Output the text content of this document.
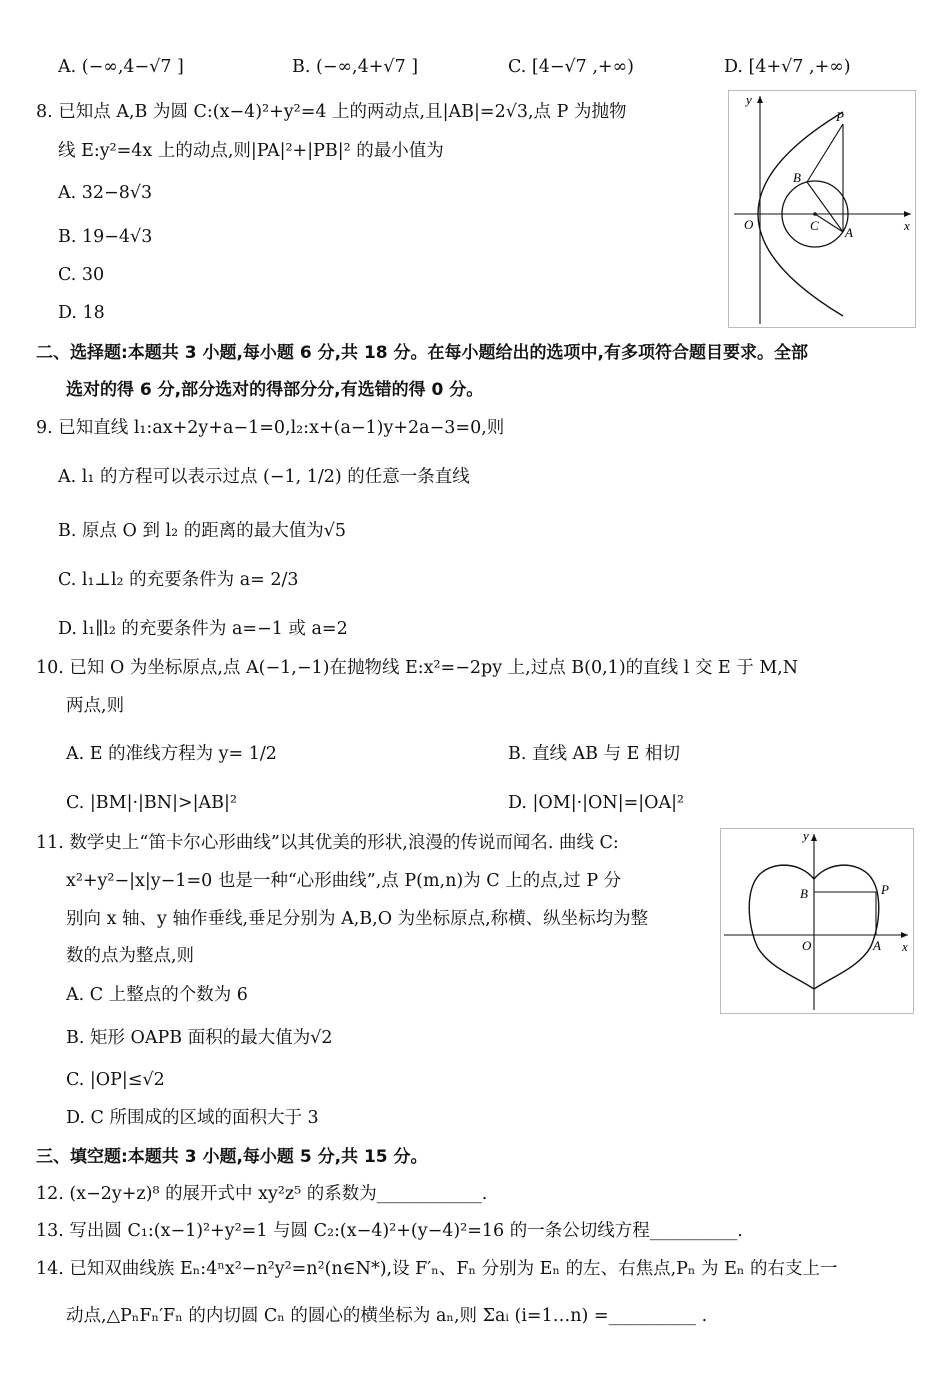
A. (−∞,4−√7 ]	B. (−∞,4+√7 ]	C. [4−√7 ,+∞)	D. [4+√7 ,+∞)
8. 已知点 A,B 为圆 C:(x−4)²+y²=4 上的两动点,且|AB|=2√3,点 P 为抛物
线 E:y²=4x 上的动点,则|PA|²+|PB|² 的最小值为
A. 32−8√3
B. 19−4√3
C. 30
D. 18
y
x
O
P
B
C A
二、选择题:本题共 3 小题,每小题 6 分,共 18 分。在每小题给出的选项中,有多项符合题目要求。全部
选对的得 6 分,部分选对的得部分分,有选错的得 0 分。
9. 已知直线 l₁:ax+2y+a−1=0,l₂:x+(a−1)y+2a−3=0,则
A. l₁ 的方程可以表示过点 (−1, 1/2) 的任意一条直线
B. 原点 O 到 l₂ 的距离的最大值为√5
C. l₁⊥l₂ 的充要条件为 a= 2/3
D. l₁∥l₂ 的充要条件为 a=−1 或 a=2
10. 已知 O 为坐标原点,点 A(−1,−1)在抛物线 E:x²=−2py 上,过点 B(0,1)的直线 l 交 E 于 M,N
两点,则
A. E 的准线方程为 y= 1/2	B. 直线 AB 与 E 相切
C. |BM|·|BN|>|AB|²	D. |OM|·|ON|=|OA|²
11. 数学史上“笛卡尔心形曲线”以其优美的形状,浪漫的传说而闻名. 曲线 C:
x²+y²−|x|y−1=0 也是一种“心形曲线”,点 P(m,n)为 C 上的点,过 P 分
别向 x 轴、y 轴作垂线,垂足分别为 A,B,O 为坐标原点,称横、纵坐标均为整
数的点为整点,则
A. C 上整点的个数为 6
B. 矩形 OAPB 面积的最大值为√2
C. |OP|≤√2
D. C 所围成的区域的面积大于 3
y
x
O
B	P
A
三、填空题:本题共 3 小题,每小题 5 分,共 15 分。
12. (x−2y+z)⁸ 的展开式中 xy²z⁵ 的系数为____________.
13. 写出圆 C₁:(x−1)²+y²=1 与圆 C₂:(x−4)²+(y−4)²=16 的一条公切线方程__________.
14. 已知双曲线族 Eₙ:4ⁿx²−n²y²=n²(n∈N*),设 F′ₙ、Fₙ 分别为 Eₙ 的左、右焦点,Pₙ 为 Eₙ 的右支上一
动点,△PₙFₙ′Fₙ 的内切圆 Cₙ 的圆心的横坐标为 aₙ,则 Σaᵢ (i=1…n) =__________ .
